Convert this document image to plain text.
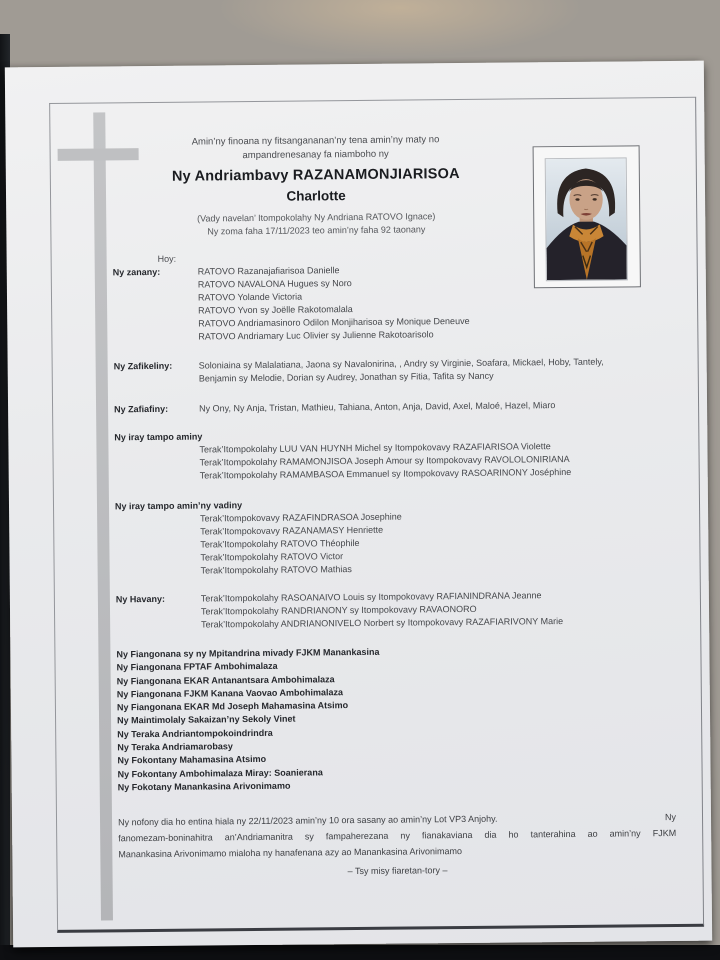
Amin’ny finoana ny fitsangananan’ny tena amin’ny maty no
ampandrenesanay fa niamboho ny
Ny Andriambavy RAZANAMONJIARISOA
Charlotte
(Vady navelan’ Itompokolahy Ny Andriana RATOVO Ignace)
Ny zoma faha 17/11/2023 teo amin’ny faha 92 taonany
Hoy:
Ny zanany:	RATOVO Razanajafiarisoa Danielle
RATOVO NAVALONA Hugues sy Noro
RATOVO Yolande Victoria
RATOVO Yvon sy Joëlle Rakotomalala
RATOVO Andriamasinoro Odilon Monjiharisoa sy Monique Deneuve
RATOVO Andriamary Luc Olivier sy Julienne Rakotoarisolo
Ny Zafikeliny:	Soloniaina sy Malalatiana, Jaona sy Navalonirina, , Andry sy Virginie, Soafara, Mickael, Hoby, Tantely,
Benjamin sy Melodie, Dorian sy Audrey, Jonathan sy Fitia, Tafita sy Nancy
Ny Zafiafiny:	Ny Ony, Ny Anja, Tristan, Mathieu, Tahiana, Anton, Anja, David, Axel, Maloé, Hazel, Miaro
Ny iray tampo aminy
Terak’Itompokolahy LUU VAN HUYNH Michel sy Itompokovavy RAZAFIARISOA Violette
Terak’Itompokolahy RAMAMONJISOA Joseph Amour sy Itompokovavy RAVOLOLONIRIANA
Terak’Itompokolahy RAMAMBASOA Emmanuel sy Itompokovavy RASOARINONY Joséphine
Ny iray tampo amin’ny vadiny
Terak’Itompokovavy RAZAFINDRASOA Josephine
Terak’Itompokovavy RAZANAMASY Henriette
Terak’Itompokolahy RATOVO Théophile
Terak’Itompokolahy RATOVO Victor
Terak’Itompokolahy RATOVO Mathias
Ny Havany:	Terak’Itompokolahy RASOANAIVO Louis sy Itompokovavy RAFIANINDRANA Jeanne
Terak’Itompokolahy RANDRIANONY sy Itompokovavy RAVAONORO
Terak’Itompokolahy ANDRIANONIVELO Norbert sy Itompokovavy RAZAFIARIVONY Marie
Ny Fiangonana sy ny Mpitandrina mivady FJKM Manankasina
Ny Fiangonana FPTAF Ambohimalaza
Ny Fiangonana EKAR Antanantsara Ambohimalaza
Ny Fiangonana FJKM Kanana Vaovao Ambohimalaza
Ny Fiangonana EKAR Md Joseph Mahamasina Atsimo
Ny Maintimolaly Sakaizan’ny Sekoly Vinet
Ny Teraka Andriantompokoindrindra
Ny Teraka Andriamarobasy
Ny Fokontany Mahamasina Atsimo
Ny Fokontany Ambohimalaza Miray: Soanierana
Ny Fokotany Manankasina Arivonimamo
Ny nofony dia ho entina hiala ny 22/11/2023 amin’ny 10 ora sasany ao amin’ny Lot VP3 Anjohy.	Ny
fanomezam-boninahitra an’Andriamanitra sy fampaherezana ny fianakaviana dia ho tanterahina ao amin’ny FJKM
Manankasina Arivonimamo mialoha ny hanafenana azy ao Manankasina Arivonimamo
– Tsy misy fiaretan-tory –
